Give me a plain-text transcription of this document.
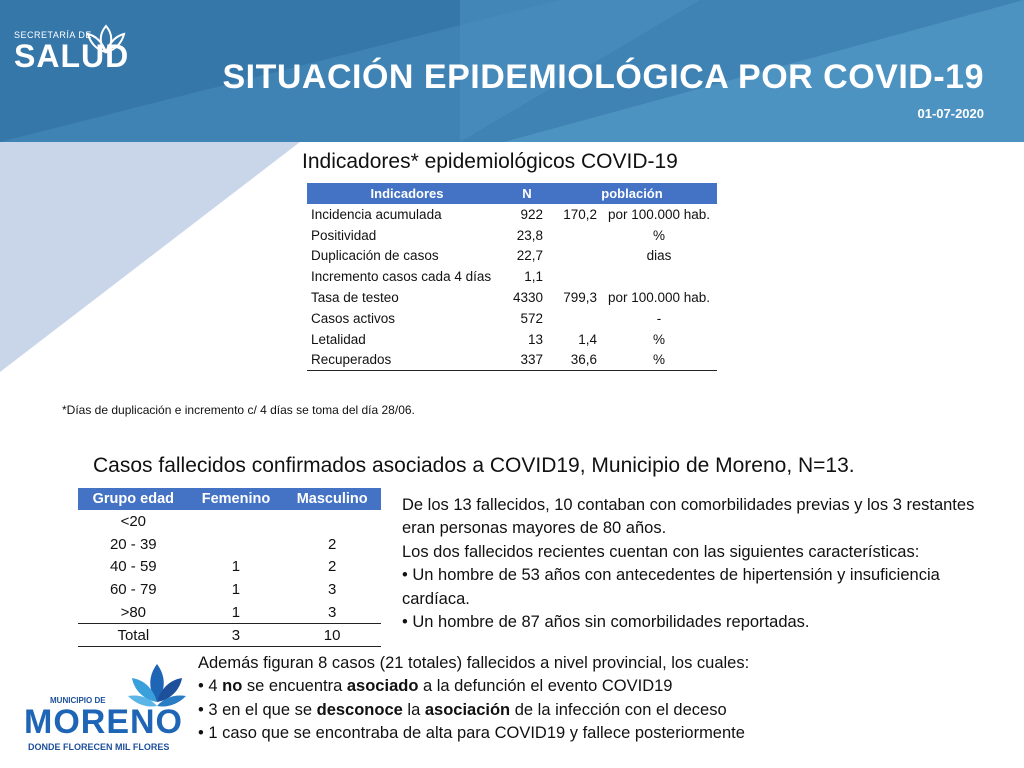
SECRETARÍA DE
SALUD
SITUACIÓN EPIDEMIOLÓGICA POR COVID-19
01-07-2020
Indicadores* epidemiológicos COVID-19
Indicadores	N	población	
Incidencia acumulada	922	170,2	por 100.000 hab.
Positividad	23,8		%
Duplicación de casos	22,7		dias
Incremento casos cada 4 días	1,1		
Tasa de testeo	4330	799,3	por 100.000 hab.
Casos activos	572		-
Letalidad	13	1,4	%
Recuperados	337	36,6	%
*Días de duplicación e incremento c/ 4 días se toma del día 28/06.
Casos fallecidos confirmados asociados a COVID19, Municipio de Moreno, N=13.
Grupo edad	Femenino	Masculino
<20		
20 - 39		2
40 - 59	1	2
60 - 79	1	3
>80	1	3
Total	3	10

De los 13 fallecidos, 10 contaban con comorbilidades previas y los 3 restantes eran personas mayores de 80 años.

Los dos fallecidos recientes cuentan con las siguientes características:

• Un hombre de 53 años con antecedentes de hipertensión y insuficiencia cardíaca.

• Un hombre de 87 años sin comorbilidades reportadas.

MUNICIPIO DE
MORENO
DONDE FLORECEN MIL FLORES

Además figuran 8 casos (21 totales) fallecidos a nivel provincial, los cuales:

• 4 no se encuentra asociado a la defunción el evento COVID19

• 3 en el que se desconoce la asociación de la infección con el deceso

• 1 caso que se encontraba de alta para COVID19 y fallece posteriormente
